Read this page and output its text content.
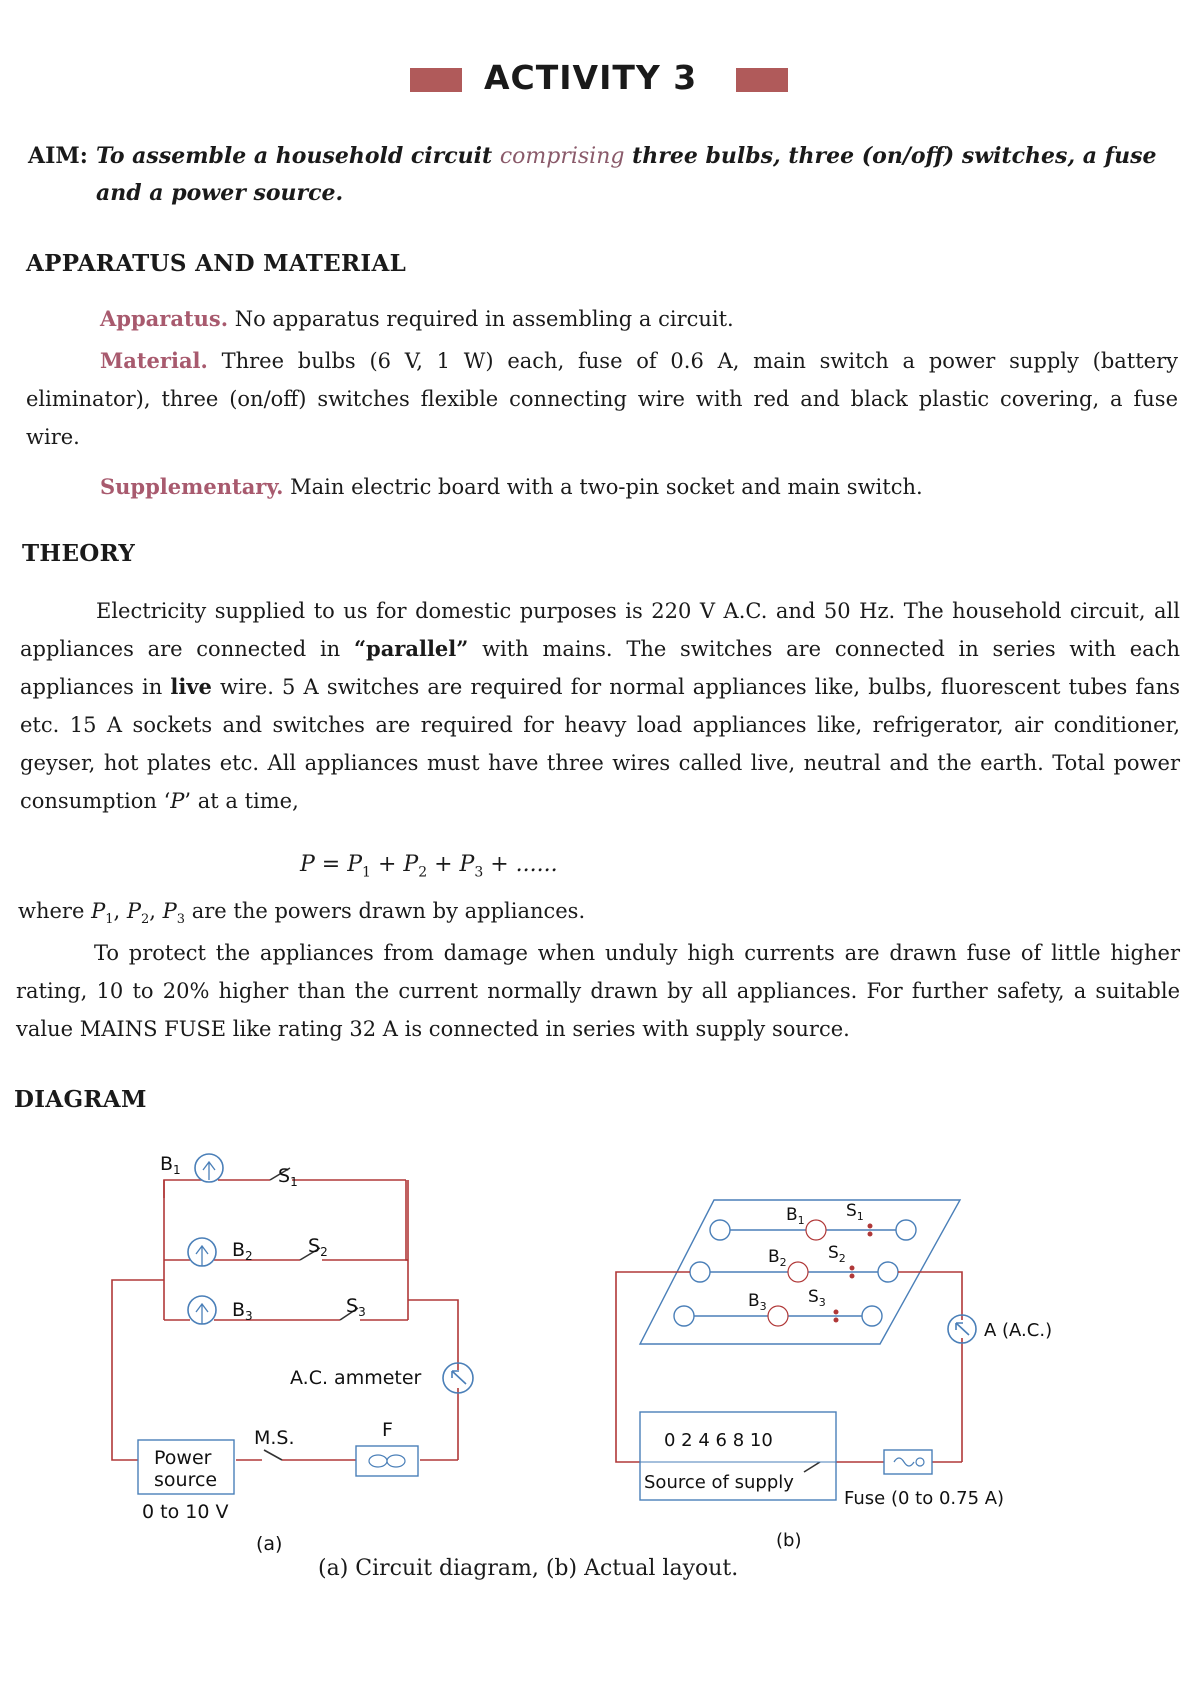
ACTIVITY 3
AIM: To assemble a household circuit comprising three bulbs, three (on/off) switches, a fuse and a power source.
APPARATUS AND MATERIAL
Apparatus. No apparatus required in assembling a circuit.
Material. Three bulbs (6 V, 1 W) each, fuse of 0.6 A, main switch a power supply (battery eliminator), three (on/off) switches flexible connecting wire with red and black plastic covering, a fuse wire.
Supplementary. Main electric board with a two-pin socket and main switch.
THEORY
Electricity supplied to us for domestic purposes is 220 V A.C. and 50 Hz. The household circuit, all appliances are connected in “parallel” with mains. The switches are connected in series with each appliances in live wire. 5 A switches are required for normal appliances like, bulbs, fluorescent tubes fans etc. 15 A sockets and switches are required for heavy load appliances like, refrigerator, air conditioner, geyser, hot plates etc. All appliances must have three wires called live, neutral and the earth. Total power consumption ‘P’ at a time,
$P = P_1 + P_2 + P_3$ + ......
where $P_1$, $P_2$, $P_3$ are the powers drawn by appliances.
To protect the appliances from damage when unduly high currents are drawn fuse of little higher rating, 10 to 20% higher than the current normally drawn by all appliances. For further safety, a suitable value MAINS FUSE like rating 32 A is connected in series with supply source.
DIAGRAM
$B_1$	$S_1$
$B_2$	$S_2$
$B_3$	$S_3$
A.C. ammeter
M.S.	F
Power
source
0 to 10 V
(a)
$B_1$ $S_1$
$B_2$ $S_2$
$B_3$ $S_3$
A (A.C.)
0 2 4 6 8 10
Source of supply
Fuse (0 to 0.75 A)
(b)
(a) Circuit diagram, (b) Actual layout.
